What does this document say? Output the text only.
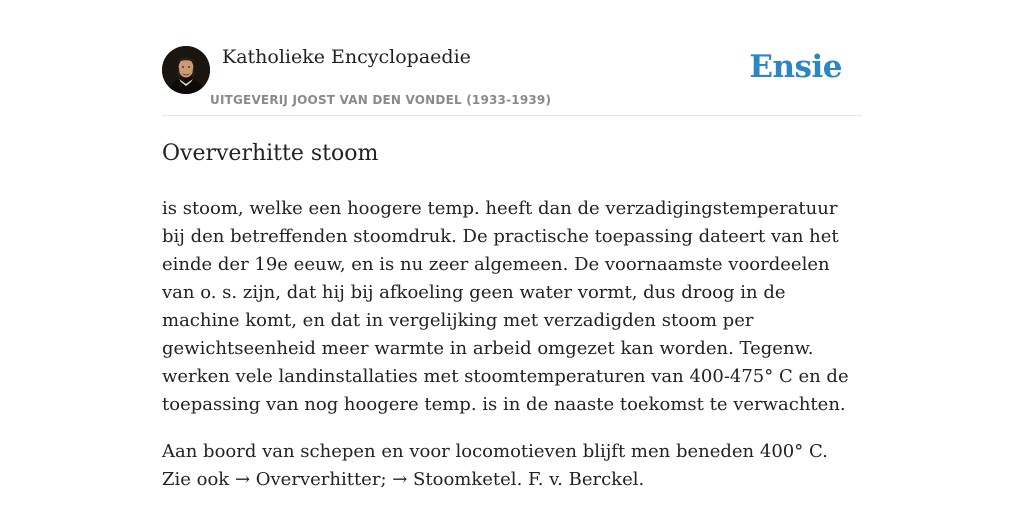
Katholieke Encyclopaedie
UITGEVERIJ JOOST VAN DEN VONDEL (1933-1939)
Ensie
Oververhitte stoom

is stoom, welke een hoogere temp. heeft dan de verzadigingstemperatuur bij den betreffenden stoomdruk. De practische toepassing dateert van het einde der 19e eeuw, en is nu zeer algemeen. De voornaamste voordeelen van o. s. zijn, dat hij bij afkoeling geen water vormt, dus droog in de machine komt, en dat in vergelijking met verzadigden stoom per gewichtseenheid meer warmte in arbeid omgezet kan worden. Tegenw. werken vele landinstallaties met stoomtemperaturen van 400-475° C en de toepassing van nog hoogere temp. is in de naaste toekomst te verwachten.

Aan boord van schepen en voor locomotieven blijft men beneden 400° C. Zie ook → Oververhitter; → Stoomketel. F. v. Berckel.
